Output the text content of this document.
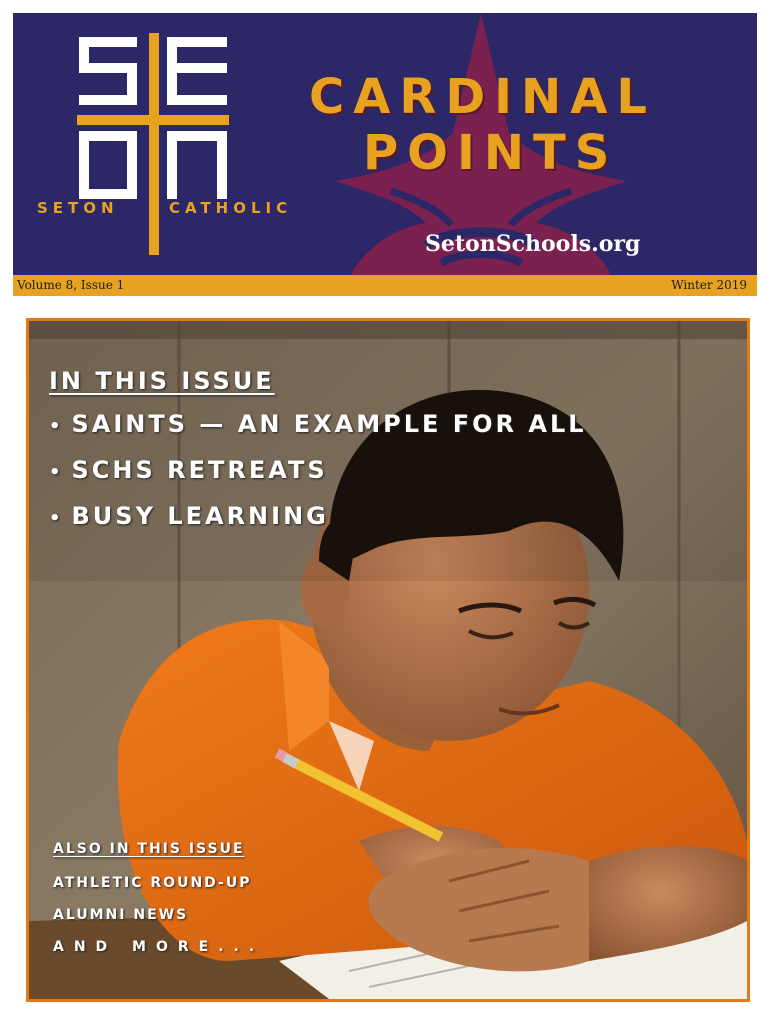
SETON	CATHOLIC
CARDINAL
POINTS
SetonSchools.org
Volume 8, Issue 1	Winter 2019
IN THIS ISSUE
• SAINTS — AN EXAMPLE FOR ALL
• SCHS RETREATS
• BUSY LEARNING
ALSO IN THIS ISSUE
ATHLETIC ROUND-UP
ALUMNI NEWS
AND MORE...
